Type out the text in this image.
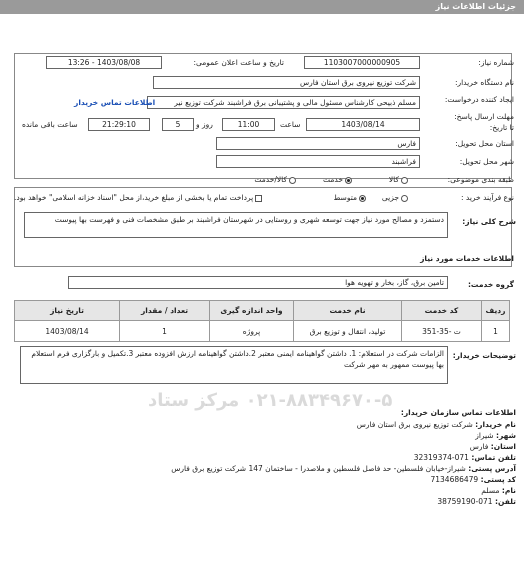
جزئیات اطلاعات نیاز
شماره نیاز:
1103007000000905
تاریخ و ساعت اعلان عمومی:
1403/08/08 - 13:26
نام دستگاه خریدار:
شرکت توزیع نیروی برق استان فارس
ایجاد کننده درخواست:
مسلم ذبیحی کارشناس مسئول مالی و پشتیبانی برق فراشبند شرکت توزیع نیر
اطلاعات تماس خریدار
مهلت ارسال پاسخ:
تا تاریخ:
1403/08/14
ساعت
11:00
روز و
5
21:29:10
ساعت باقی مانده
استان محل تحویل:
فارس
شهر محل تحویل:
فراشبند
طبقه بندی موضوعی:
کالا
خدمت
کالا/خدمت
نوع فرآیند خرید :
جزیی
متوسط
پرداخت تمام یا بخشی از مبلغ خرید،از محل "اسناد خزانه اسلامی" خواهد بود.
شرح کلی نیاز:
دستمزد و مصالح مورد نیاز جهت توسعه شهری و روستایی در شهرستان فراشبند بر طبق مشخصات فنی و فهرست بها پیوست
اطلاعات خدمات مورد نیاز
گروه خدمت:
تامین برق، گاز، بخار و تهویه هوا
ردیف	کد خدمت	نام خدمت	واحد اندازه گیری	تعداد / مقدار	تاریخ نیاز
1	ت -35-351	تولید، انتقال و توزیع برق	پروژه	1	1403/08/14
توضیحات خریدار:
الزامات شرکت در استعلام: 1. داشتن گواهینامه ایمنی معتبر 2.داشتن گواهینامه ارزش افزوده معتبر 3.تکمیل و بارگزاری فرم استعلام بها پیوست ممهور به مهر شرکت
۰۲۱-۸۸۳۴۹۶۷۰-۵ مرکز ستاد
اطلاعات تماس سازمان خریدار:
نام خریدار: شرکت توزیع نیروی برق استان فارس
شهر: شیراز
استان: فارس
تلفن تماس: 071-32319374
آدرس پستی: شیراز-خیابان فلسطین- حد فاصل فلسطین و ملاصدرا - ساختمان 147 شرکت توزیع برق فارس
کد پستی: 7134686479
نام: مسلم
تلفن: 071-38759190
